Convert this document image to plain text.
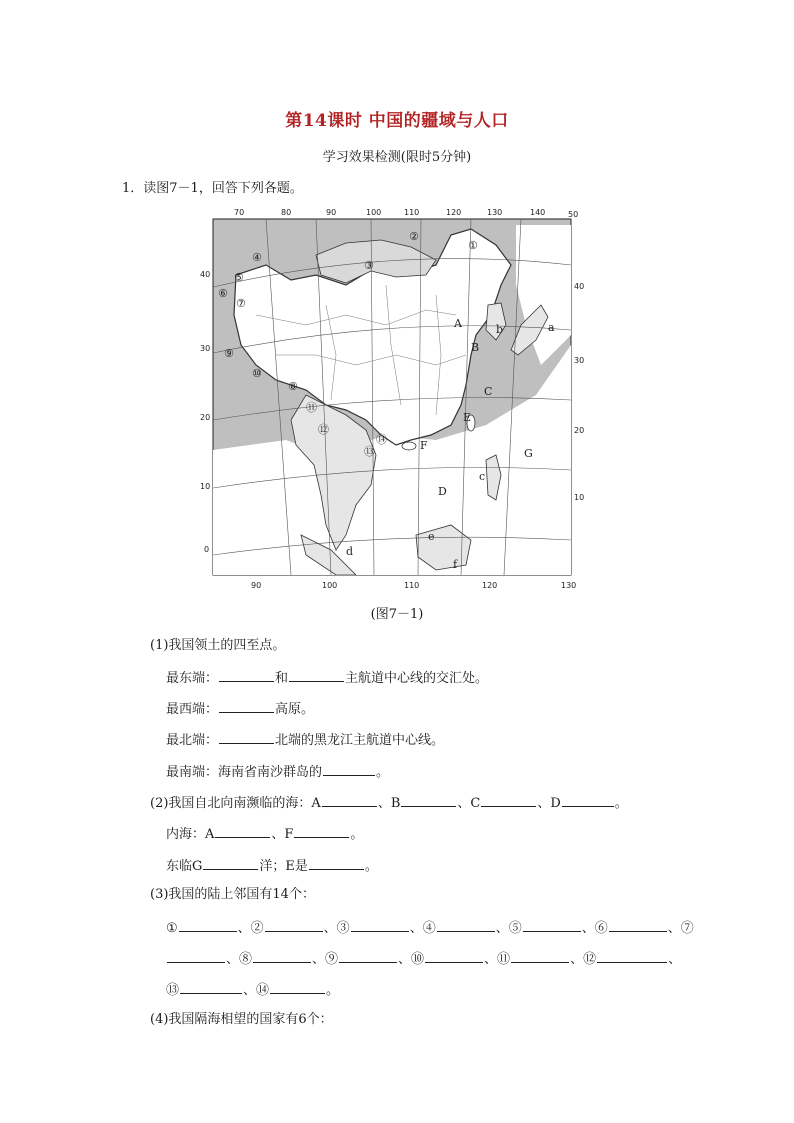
第14课时 中国的疆域与人口
学习效果检测(限时5分钟)
1．读图7－1，回答下列各题。
70	80	90	100	110	120	130	140	50
90	100	110	120	130
40
30
20
10
0
40
30
20
10
A
B
C
D
E
F
G
①
②
③
④
⑤
⑥
⑦
⑧
⑨
⑩
⑪
⑫
⑬
⑭
a
b
c
d
e
f
(图7－1)
(1)我国领土的四至点。
最东端：	和	主航道中心线的交汇处。
最西端：	高原。
最北端：	北端的黑龙江主航道中心线。
最南端：海南省南沙群岛的	。
(2)我国自北向南濒临的海：A	、B	、C	、D	。
内海：A	、F	。
东临G	洋；E是	。
(3)我国的陆上邻国有14个：
①	、②	、③	、④	、⑤	、⑥	、⑦
、⑧	、⑨	、⑩	、⑪	、⑫	、
⑬	、⑭	。
(4)我国隔海相望的国家有6个：
